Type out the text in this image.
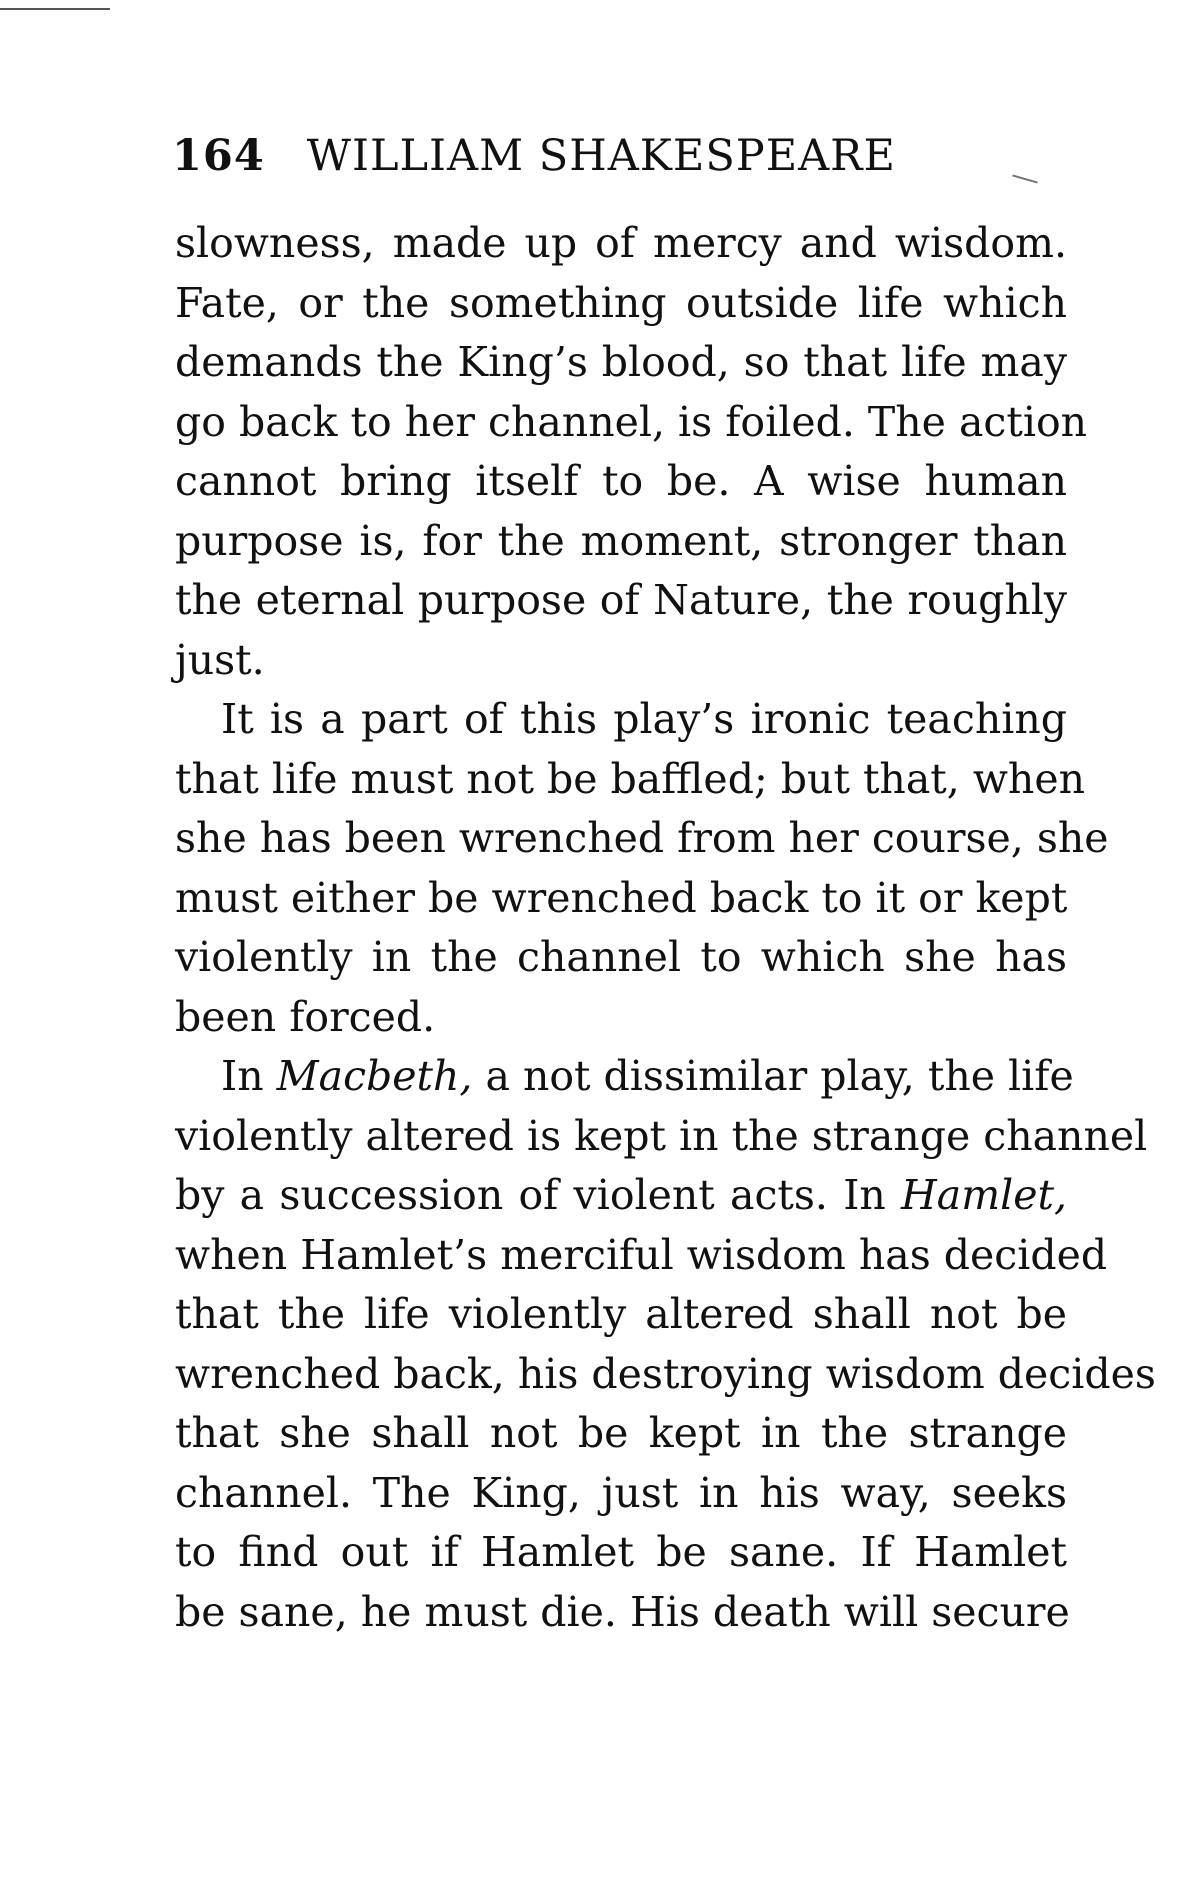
164 WILLIAM SHAKESPEARE
slowness, made up of mercy and wisdom.
Fate, or the something outside life which
demands the King’s blood, so that life may
go back to her channel, is foiled. The action
cannot bring itself to be. A wise human
purpose is, for the moment, stronger than
the eternal purpose of Nature, the roughly
just.
It is a part of this play’s ironic teaching
that life must not be baffled; but that, when
she has been wrenched from her course, she
must either be wrenched back to it or kept
violently in the channel to which she has
been forced.
In Macbeth, a not dissimilar play, the life
violently altered is kept in the strange channel
by a succession of violent acts. In Hamlet,
when Hamlet’s merciful wisdom has decided
that the life violently altered shall not be
wrenched back, his destroying wisdom decides
that she shall not be kept in the strange
channel. The King, just in his way, seeks
to find out if Hamlet be sane. If Hamlet
be sane, he must die. His death will secure
